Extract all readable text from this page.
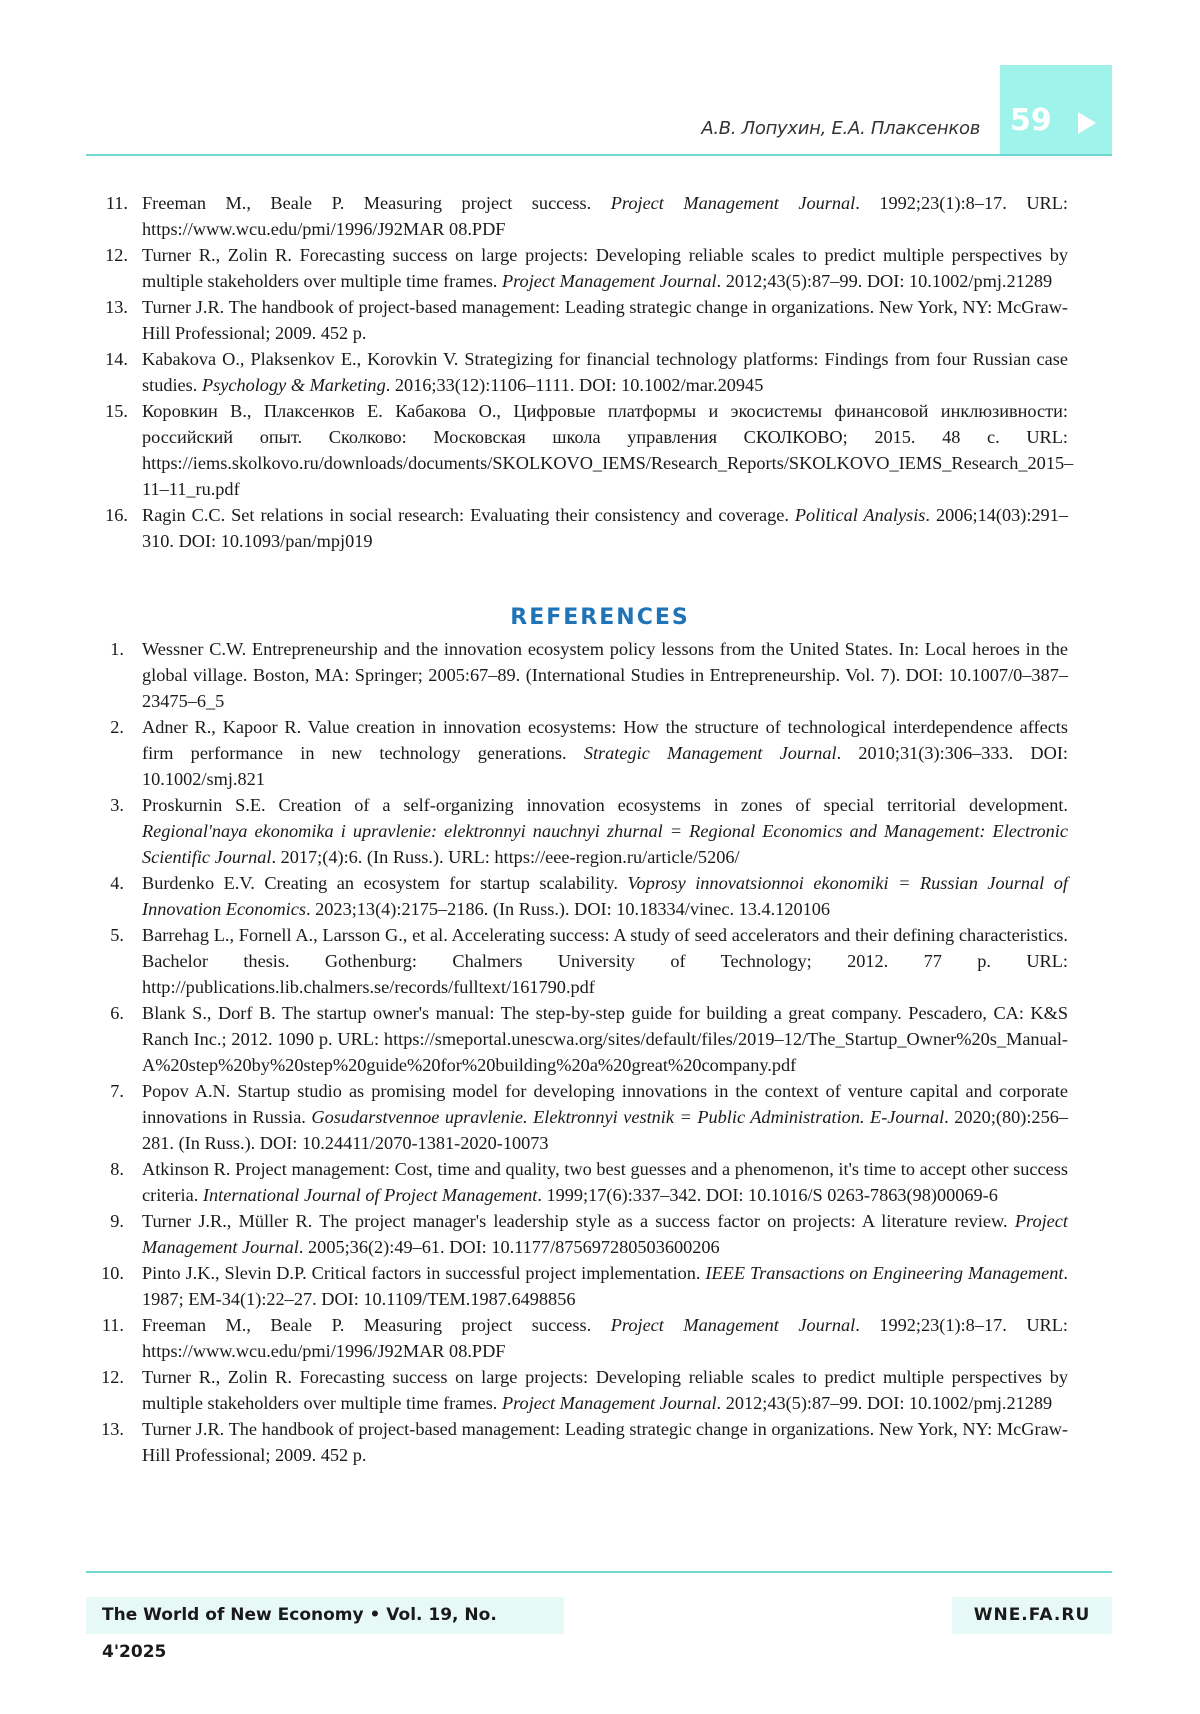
59
А.В. Лопухин, Е.А. Плаксенков
11. Freeman M., Beale P. Measuring project success. Project Management Journal. 1992;23(1):8–17. URL: https://www.wcu.edu/pmi/1996/J92MAR 08.PDF
12. Turner R., Zolin R. Forecasting success on large projects: Developing reliable scales to predict multiple perspectives by multiple stakeholders over multiple time frames. Project Management Journal. 2012;43(5):87–99. DOI: 10.1002/pmj.21289
13. Turner J.R. The handbook of project-based management: Leading strategic change in organizations. New York, NY: McGraw-Hill Professional; 2009. 452 p.
14. Kabakova O., Plaksenkov E., Korovkin V. Strategizing for financial technology platforms: Findings from four Russian case studies. Psychology & Marketing. 2016;33(12):1106–1111. DOI: 10.1002/mar.20945
15. Коровкин В., Плаксенков Е. Кабакова О., Цифровые платформы и экосистемы финансовой инклюзивности: российский опыт. Сколково: Московская школа управления СКОЛКОВО; 2015. 48 с. URL: https://iems.skolkovo.ru/downloads/documents/SKOLKOVO_IEMS/Research_Reports/SKOLKOVO_IEMS_Research_2015–11–11_ru.pdf
16. Ragin C.C. Set relations in social research: Evaluating their consistency and coverage. Political Analysis. 2006;14(03):291–310. DOI: 10.1093/pan/mpj019
REFERENCES
1. Wessner C.W. Entrepreneurship and the innovation ecosystem policy lessons from the United States. In: Local heroes in the global village. Boston, MA: Springer; 2005:67–89. (International Studies in Entrepreneurship. Vol. 7). DOI: 10.1007/0–387–23475–6_5
2. Adner R., Kapoor R. Value creation in innovation ecosystems: How the structure of technological interdependence affects firm performance in new technology generations. Strategic Management Journal. 2010;31(3):306–333. DOI: 10.1002/smj.821
3. Proskurnin S.E. Creation of a self-organizing innovation ecosystems in zones of special territorial development. Regional'naya ekonomika i upravlenie: elektronnyi nauchnyi zhurnal = Regional Economics and Management: Electronic Scientific Journal. 2017;(4):6. (In Russ.). URL: https://eee-region.ru/article/5206/
4. Burdenko E.V. Creating an ecosystem for startup scalability. Voprosy innovatsionnoi ekonomiki = Russian Journal of Innovation Economics. 2023;13(4):2175–2186. (In Russ.). DOI: 10.18334/vinec. 13.4.120106
5. Barrehag L., Fornell A., Larsson G., et al. Accelerating success: A study of seed accelerators and their defining characteristics. Bachelor thesis. Gothenburg: Chalmers University of Technology; 2012. 77 p. URL: http://publications.lib.chalmers.se/records/fulltext/161790.pdf
6. Blank S., Dorf B. The startup owner's manual: The step-by-step guide for building a great company. Pescadero, CA: K&S Ranch Inc.; 2012. 1090 p. URL: https://smeportal.unescwa.org/sites/default/files/2019–12/The_Startup_Owner%20s_Manual-A%20step%20by%20step%20guide%20for%20building%20a%20great%20company.pdf
7. Popov A.N. Startup studio as promising model for developing innovations in the context of venture capital and corporate innovations in Russia. Gosudarstvennoe upravlenie. Elektronnyi vestnik = Public Administration. E-Journal. 2020;(80):256–281. (In Russ.). DOI: 10.24411/2070-1381-2020-10073
8. Atkinson R. Project management: Cost, time and quality, two best guesses and a phenomenon, it's time to accept other success criteria. International Journal of Project Management. 1999;17(6):337–342. DOI: 10.1016/S 0263-7863(98)00069-6
9. Turner J.R., Müller R. The project manager's leadership style as a success factor on projects: A literature review. Project Management Journal. 2005;36(2):49–61. DOI: 10.1177/875697280503600206
10. Pinto J.K., Slevin D.P. Critical factors in successful project implementation. IEEE Transactions on Engineering Management. 1987; EM-34(1):22–27. DOI: 10.1109/TEM.1987.6498856
11. Freeman M., Beale P. Measuring project success. Project Management Journal. 1992;23(1):8–17. URL: https://www.wcu.edu/pmi/1996/J92MAR 08.PDF
12. Turner R., Zolin R. Forecasting success on large projects: Developing reliable scales to predict multiple perspectives by multiple stakeholders over multiple time frames. Project Management Journal. 2012;43(5):87–99. DOI: 10.1002/pmj.21289
13. Turner J.R. The handbook of project-based management: Leading strategic change in organizations. New York, NY: McGraw-Hill Professional; 2009. 452 p.
The World of New Economy • Vol. 19, No. 4'2025
WNE.FA.RU
